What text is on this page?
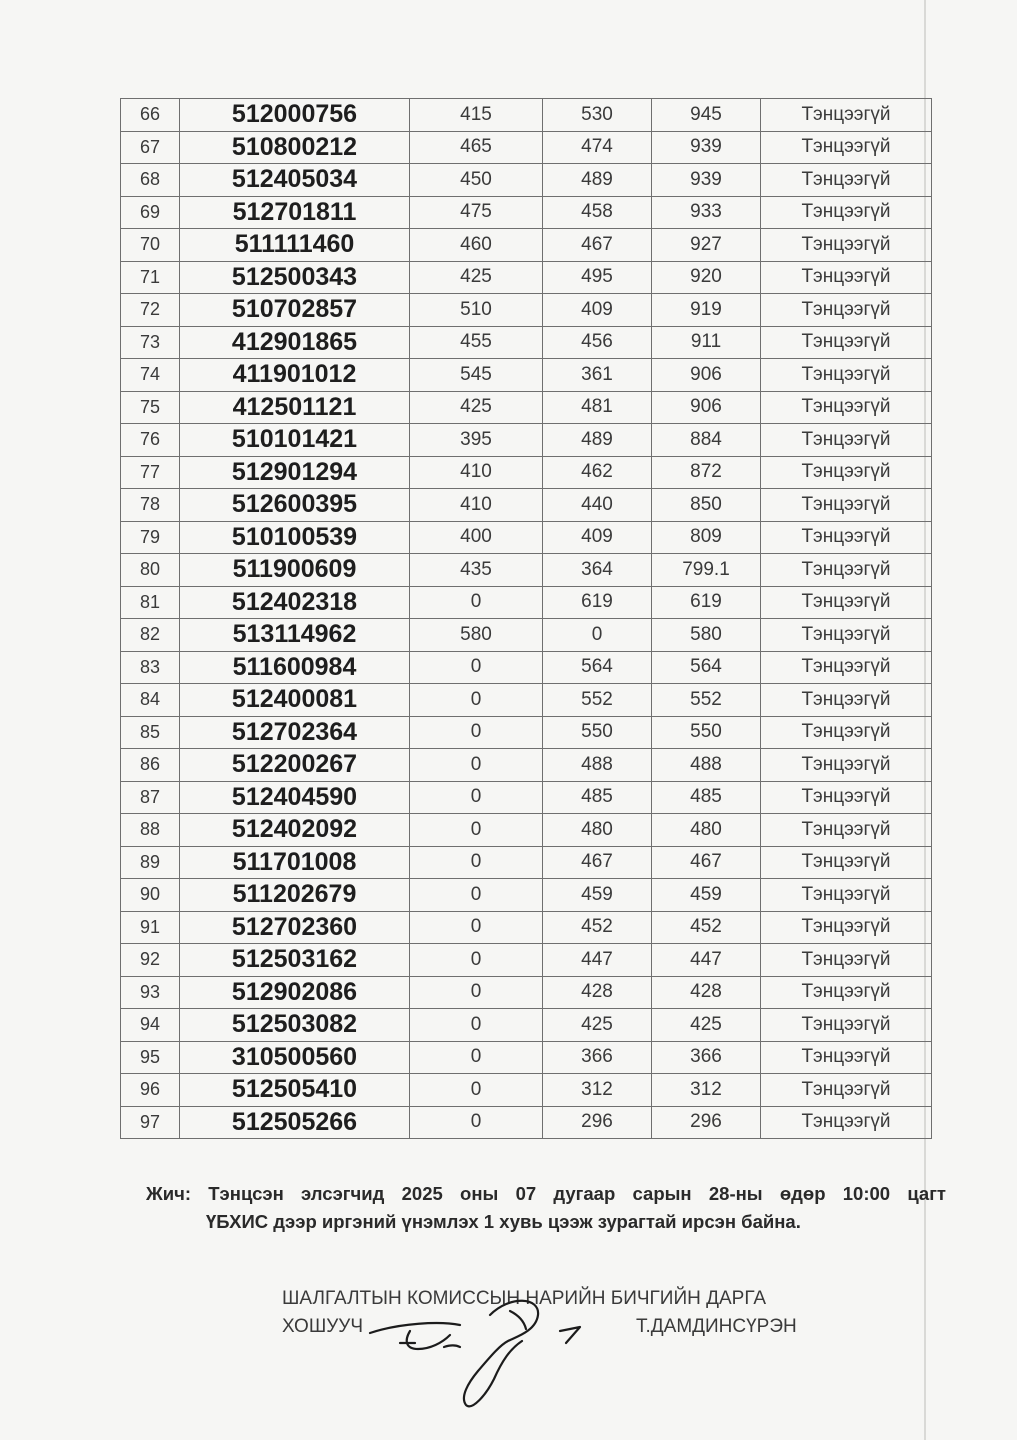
66	512000756	415	530	945	Тэнцээгүй
67	510800212	465	474	939	Тэнцээгүй
68	512405034	450	489	939	Тэнцээгүй
69	512701811	475	458	933	Тэнцээгүй
70	511111460	460	467	927	Тэнцээгүй
71	512500343	425	495	920	Тэнцээгүй
72	510702857	510	409	919	Тэнцээгүй
73	412901865	455	456	911	Тэнцээгүй
74	411901012	545	361	906	Тэнцээгүй
75	412501121	425	481	906	Тэнцээгүй
76	510101421	395	489	884	Тэнцээгүй
77	512901294	410	462	872	Тэнцээгүй
78	512600395	410	440	850	Тэнцээгүй
79	510100539	400	409	809	Тэнцээгүй
80	511900609	435	364	799.1	Тэнцээгүй
81	512402318	0	619	619	Тэнцээгүй
82	513114962	580	0	580	Тэнцээгүй
83	511600984	0	564	564	Тэнцээгүй
84	512400081	0	552	552	Тэнцээгүй
85	512702364	0	550	550	Тэнцээгүй
86	512200267	0	488	488	Тэнцээгүй
87	512404590	0	485	485	Тэнцээгүй
88	512402092	0	480	480	Тэнцээгүй
89	511701008	0	467	467	Тэнцээгүй
90	511202679	0	459	459	Тэнцээгүй
91	512702360	0	452	452	Тэнцээгүй
92	512503162	0	447	447	Тэнцээгүй
93	512902086	0	428	428	Тэнцээгүй
94	512503082	0	425	425	Тэнцээгүй
95	310500560	0	366	366	Тэнцээгүй
96	512505410	0	312	312	Тэнцээгүй
97	512505266	0	296	296	Тэнцээгүй
Жич: Тэнцсэн элсэгчид 2025 оны 07 дугаар сарын 28-ны өдөр 10:00 цагт
ҮБХИС дээр иргэний үнэмлэх 1 хувь цээж зурагтай ирсэн байна.
ШАЛГАЛТЫН КОМИССЫН НАРИЙН БИЧГИЙН ДАРГА
ХОШУУЧ	Т.ДАМДИНСҮРЭН
